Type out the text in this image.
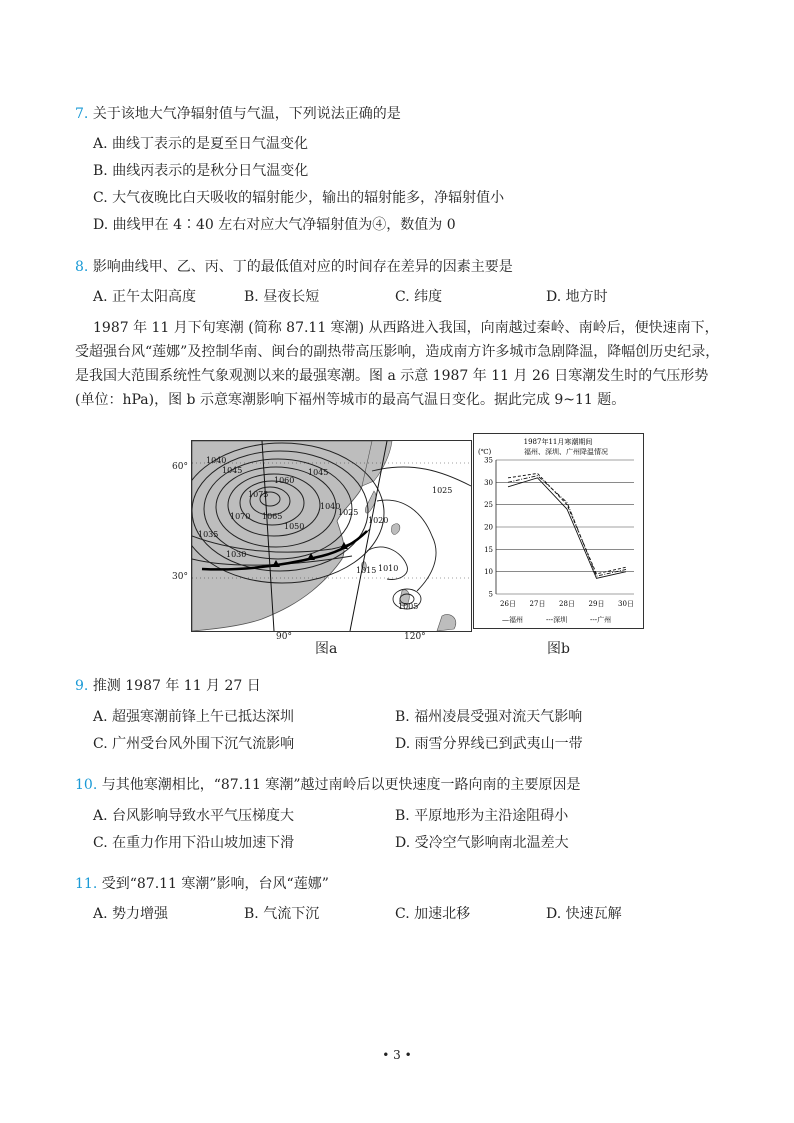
7. 关于该地大气净辐射值与气温，下列说法正确的是
A. 曲线丁表示的是夏至日气温变化
B. 曲线丙表示的是秋分日气温变化
C. 大气夜晚比白天吸收的辐射能少，输出的辐射能多，净辐射值小
D. 曲线甲在 4∶40 左右对应大气净辐射值为④，数值为 0
8. 影响曲线甲、乙、丙、丁的最低值对应的时间存在差异的因素主要是
A. 正午太阳高度	B. 昼夜长短	C. 纬度	D. 地方时
1987 年 11 月下旬寒潮 (简称 87.11 寒潮) 从西路进入我国，向南越过秦岭、南岭后，便快速南下，受超强台风“莲娜”及控制华南、闽台的副热带高压影响，造成南方许多城市急剧降温，降幅创历史纪录，是我国大范围系统性气象观测以来的最强寒潮。图 a 示意 1987 年 11 月 26 日寒潮发生时的气压形势 (单位：hPa)，图 b 示意寒潮影响下福州等城市的最高气温日变化。据此完成 9~11 题。
1040
1045
1060
1075
1070 1065
1050
1045
1040
1035
1030
1020
1025
1015 1010
1005
1025
60°
30°
90°	120°
图a
1987年11月寒潮期间
福州、深圳、广州降温情况
(℃)
26日 27日 28日 29日 30日
5
10
15
20
25
30
35
—福州	---深圳	---广州
图b
9. 推测 1987 年 11 月 27 日
A. 超强寒潮前锋上午已抵达深圳	B. 福州凌晨受强对流天气影响
C. 广州受台风外围下沉气流影响	D. 雨雪分界线已到武夷山一带
10. 与其他寒潮相比，“87.11 寒潮”越过南岭后以更快速度一路向南的主要原因是
A. 台风影响导致水平气压梯度大	B. 平原地形为主沿途阻碍小
C. 在重力作用下沿山坡加速下滑	D. 受冷空气影响南北温差大
11. 受到“87.11 寒潮”影响，台风“莲娜”
A. 势力增强	B. 气流下沉	C. 加速北移	D. 快速瓦解
• 3 •
